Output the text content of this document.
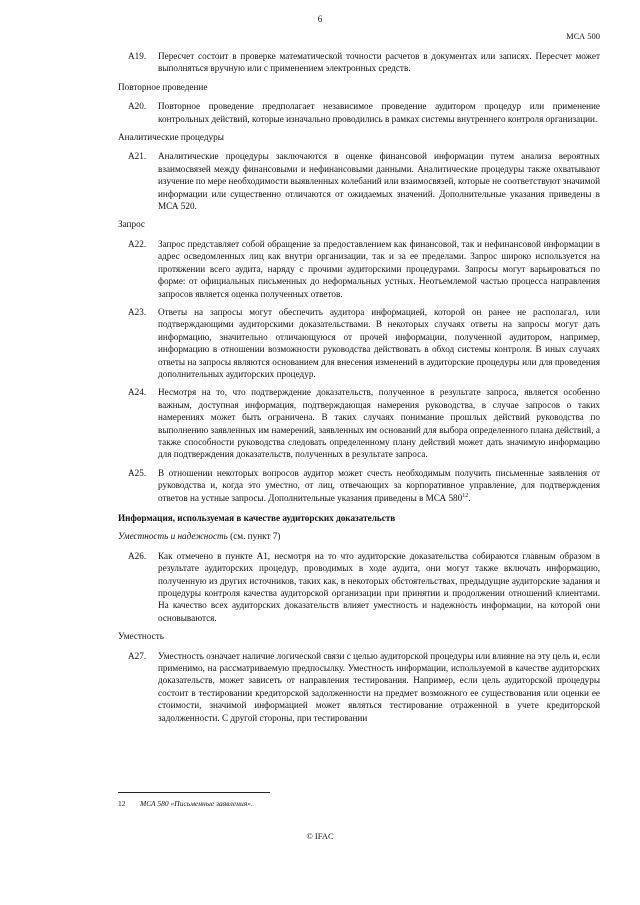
6
МСА 500
A19.	Пересчет состоит в проверке математической точности расчетов в документах или записях. Пересчет может выполняться вручную или с применением электронных средств.
Повторное проведение
A20.	Повторное проведение предполагает независимое проведение аудитором процедур или применение контрольных действий, которые изначально проводились в рамках системы внутреннего контроля организации.
Аналитические процедуры
A21.	Аналитические процедуры заключаются в оценке финансовой информации путем анализа вероятных взаимосвязей между финансовыми и нефинансовыми данными. Аналитические процедуры также охватывают изучение по мере необходимости выявленных колебаний или взаимосвязей, которые не соответствуют значимой информации или существенно отличаются от ожидаемых значений. Дополнительные указания приведены в МСА 520.
Запрос
A22.	Запрос представляет собой обращение за предоставлением как финансовой, так и нефинансовой информации в адрес осведомленных лиц как внутри организации, так и за ее пределами. Запрос широко используется на протяжении всего аудита, наряду с прочими аудиторскими процедурами. Запросы могут варьироваться по форме: от официальных письменных до неформальных устных. Неотъемлемой частью процесса направления запросов является оценка полученных ответов.
A23.	Ответы на запросы могут обеспечить аудитора информацией, которой он ранее не располагал, или подтверждающими аудиторскими доказательствами. В некоторых случаях ответы на запросы могут дать информацию, значительно отличающуюся от прочей информации, полученной аудитором, например, информацию в отношении возможности руководства действовать в обход системы контроля. В иных случаях ответы на запросы являются основанием для внесения изменений в аудиторские процедуры или для проведения дополнительных аудиторских процедур.
A24.	Несмотря на то, что подтверждение доказательств, полученное в результате запроса, является особенно важным, доступная информация, подтверждающая намерения руководства, в случае запросов о таких намерениях может быть ограничена. В таких случаях понимание прошлых действий руководства по выполнению заявленных им намерений, заявленных им оснований для выбора определенного плана действий, а также способности руководства следовать определенному плану действий может дать значимую информацию для подтверждения доказательств, полученных в результате запроса.
A25.	В отношении некоторых вопросов аудитор может счесть необходимым получить письменные заявления от руководства и, когда это уместно, от лиц, отвечающих за корпоративное управление, для подтверждения ответов на устные запросы. Дополнительные указания приведены в МСА $580^{12}$.
Информация, используемая в качестве аудиторских доказательств
Уместность и надежность (см. пункт 7)
A26.	Как отмечено в пункте A1, несмотря на то что аудиторские доказательства собираются главным образом в результате аудиторских процедур, проводимых в ходе аудита, они могут также включать информацию, полученную из других источников, таких как, в некоторых обстоятельствах, предыдущие аудиторские задания и процедуры контроля качества аудиторской организации при принятии и продолжении отношений клиентами. На качество всех аудиторских доказательств влияет уместность и надежность информации, на которой они основываются.
Уместность
A27.	Уместность означает наличие логической связи с целью аудиторской процедуры или влияние на эту цель и, если применимо, на рассматриваемую предпосылку. Уместность информации, используемой в качестве аудиторских доказательств, может зависеть от направления тестирования. Например, если цель аудиторской процедуры состоит в тестировании кредиторской задолженности на предмет возможного ее существования или оценки ее стоимости, значимой информацией может являться тестирование отраженной в учете кредиторской задолженности. С другой стороны, при тестировании
12	МСА 580 «Письменные заявления».
© IFAC
